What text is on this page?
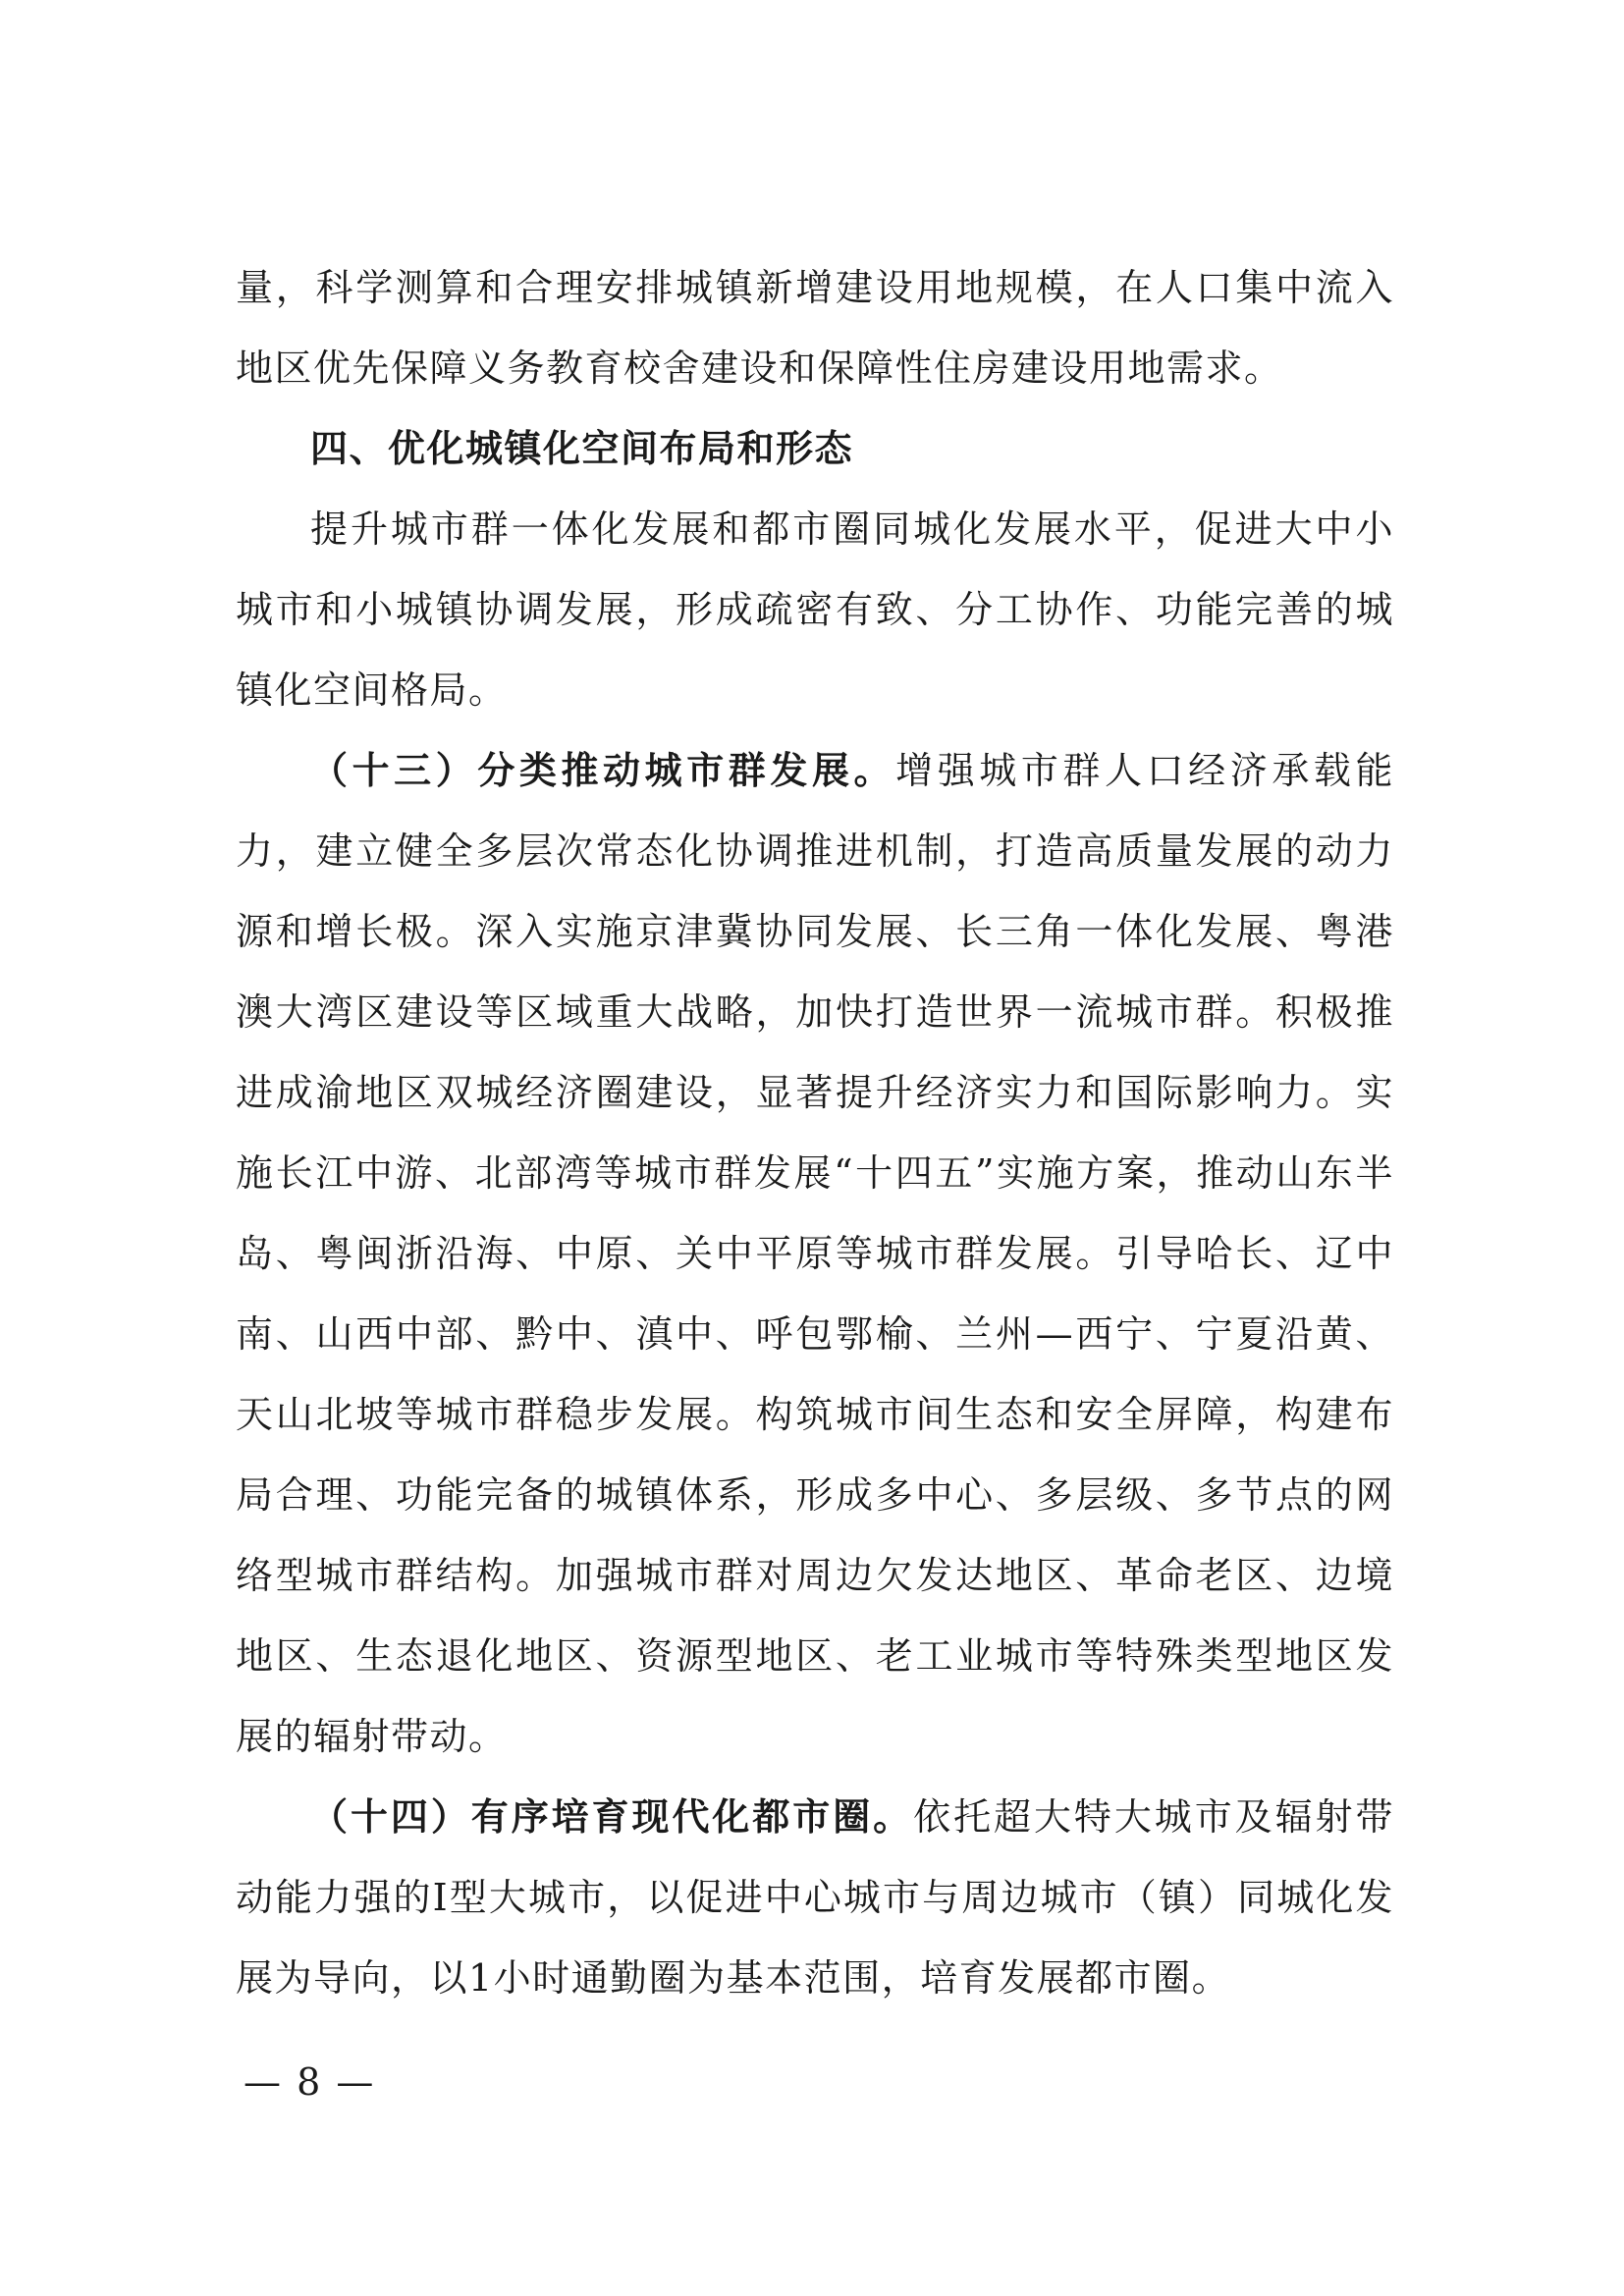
量，科学测算和合理安排城镇新增建设用地规模，在人口集中流入地区优先保障义务教育校舍建设和保障性住房建设用地需求。

四、优化城镇化空间布局和形态

提升城市群一体化发展和都市圈同城化发展水平，促进大中小城市和小城镇协调发展，形成疏密有致、分工协作、功能完善的城镇化空间格局。

（十三）分类推动城市群发展。增强城市群人口经济承载能力，建立健全多层次常态化协调推进机制，打造高质量发展的动力源和增长极。深入实施京津冀协同发展、长三角一体化发展、粤港澳大湾区建设等区域重大战略，加快打造世界一流城市群。积极推进成渝地区双城经济圈建设，显著提升经济实力和国际影响力。实施长江中游、北部湾等城市群发展“十四五”实施方案，推动山东半岛、粤闽浙沿海、中原、关中平原等城市群发展。引导哈长、辽中南、山西中部、黔中、滇中、呼包鄂榆、兰州—西宁、宁夏沿黄、天山北坡等城市群稳步发展。构筑城市间生态和安全屏障，构建布局合理、功能完备的城镇体系，形成多中心、多层级、多节点的网络型城市群结构。加强城市群对周边欠发达地区、革命老区、边境地区、生态退化地区、资源型地区、老工业城市等特殊类型地区发展的辐射带动。

（十四）有序培育现代化都市圈。依托超大特大城市及辐射带动能力强的Ⅰ型大城市，以促进中心城市与周边城市（镇）同城化发展为导向，以1小时通勤圈为基本范围，培育发展都市圈。

— 8 —
